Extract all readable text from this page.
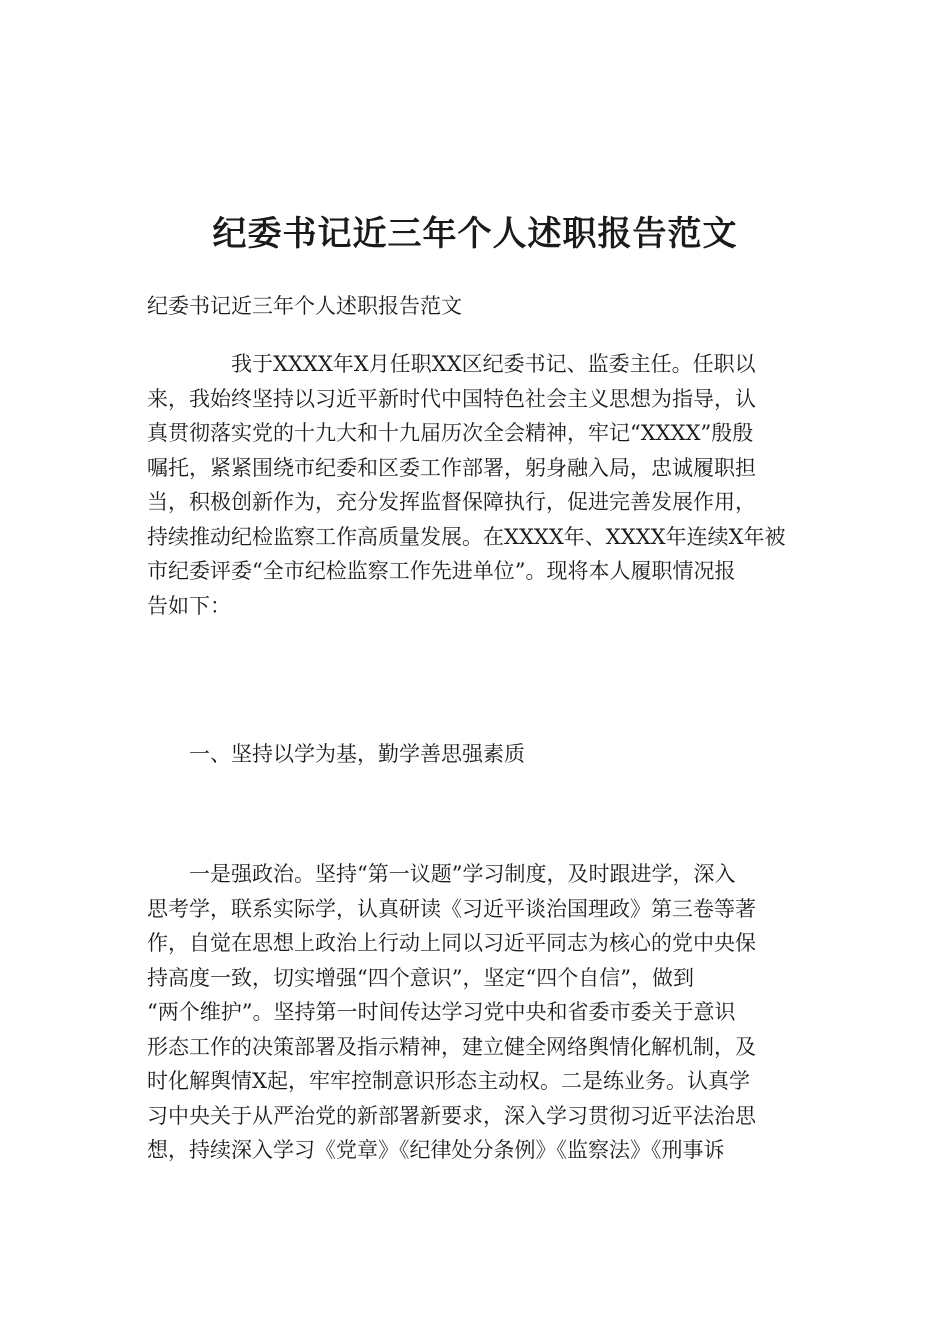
纪委书记近三年个人述职报告范文

纪委书记近三年个人述职报告范文

　　　　我于XXXX年X月任职XX区纪委书记、监委主任。任职以
来，我始终坚持以习近平新时代中国特色社会主义思想为指导，认
真贯彻落实党的十九大和十九届历次全会精神，牢记“XXXX”殷殷
嘱托，紧紧围绕市纪委和区委工作部署，躬身融入局，忠诚履职担
当，积极创新作为，充分发挥监督保障执行，促进完善发展作用，
持续推动纪检监察工作高质量发展。在XXXX年、XXXX年连续X年被
市纪委评委“全市纪检监察工作先进单位”。现将本人履职情况报
告如下：

　　一、坚持以学为基，勤学善思强素质

　　一是强政治。坚持“第一议题”学习制度，及时跟进学，深入
思考学，联系实际学，认真研读《习近平谈治国理政》第三卷等著
作，自觉在思想上政治上行动上同以习近平同志为核心的党中央保
持高度一致，切实增强“四个意识”，坚定“四个自信”，做到
“两个维护”。坚持第一时间传达学习党中央和省委市委关于意识
形态工作的决策部署及指示精神，建立健全网络舆情化解机制，及
时化解舆情X起，牢牢控制意识形态主动权。二是练业务。认真学
习中央关于从严治党的新部署新要求，深入学习贯彻习近平法治思
想，持续深入学习《党章》《纪律处分条例》《监察法》《刑事诉
